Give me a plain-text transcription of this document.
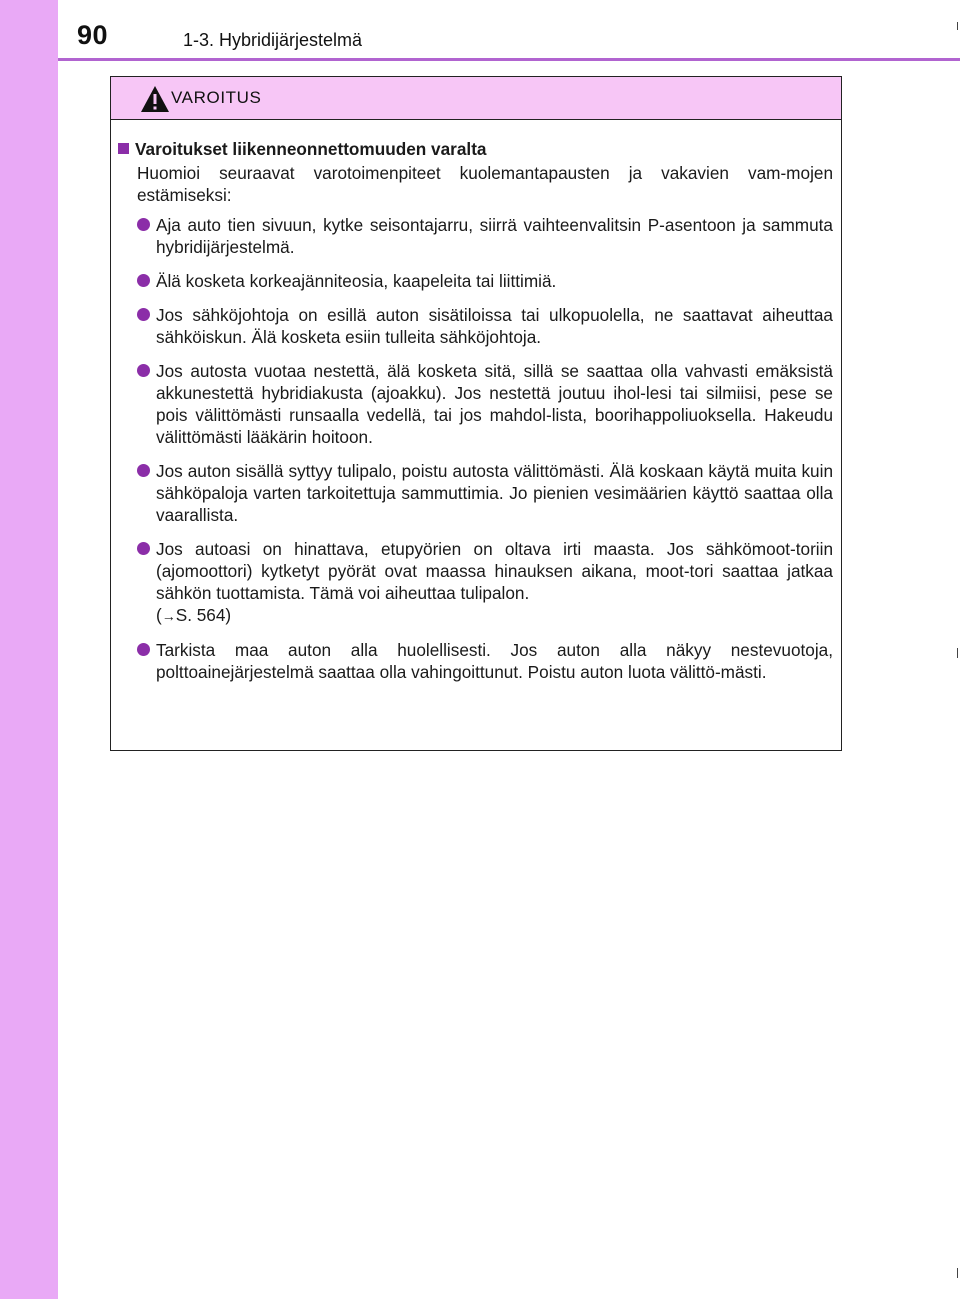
90	1-3. Hybridijärjestelmä
VAROITUS
Varoitukset liikenneonnettomuuden varalta
Huomioi seuraavat varotoimenpiteet kuolemantapausten ja vakavien vam-mojen estämiseksi:
Aja auto tien sivuun, kytke seisontajarru, siirrä vaihteenvalitsin P-asentoon ja sammuta hybridijärjestelmä.
Älä kosketa korkeajänniteosia, kaapeleita tai liittimiä.
Jos sähköjohtoja on esillä auton sisätiloissa tai ulkopuolella, ne saattavat aiheuttaa sähköiskun. Älä kosketa esiin tulleita sähköjohtoja.
Jos autosta vuotaa nestettä, älä kosketa sitä, sillä se saattaa olla vahvasti emäksistä akkunestettä hybridiakusta (ajoakku). Jos nestettä joutuu ihol-lesi tai silmiisi, pese se pois välittömästi runsaalla vedellä, tai jos mahdol-lista, boorihappoliuoksella. Hakeudu välittömästi lääkärin hoitoon.
Jos auton sisällä syttyy tulipalo, poistu autosta välittömästi. Älä koskaan käytä muita kuin sähköpaloja varten tarkoitettuja sammuttimia. Jo pienien vesimäärien käyttö saattaa olla vaarallista.
Jos autoasi on hinattava, etupyörien on oltava irti maasta. Jos sähkömoot-toriin (ajomoottori) kytketyt pyörät ovat maassa hinauksen aikana, moot-tori saattaa jatkaa sähkön tuottamista. Tämä voi aiheuttaa tulipalon.
(→S. 564)
Tarkista maa auton alla huolellisesti. Jos auton alla näkyy nestevuotoja, polttoainejärjestelmä saattaa olla vahingoittunut. Poistu auton luota välittö-mästi.
